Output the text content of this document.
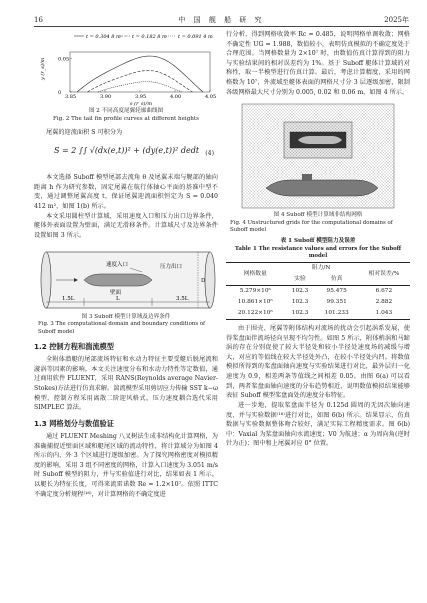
16	中 国 舰 船 研 究	2025年
t = 0.304 8 m t = 0.182 8 m t = 0.091 4 m
3.85	3.90	3.95	4.00	4.05
0.05
0
s (r_s)/m
y (r_s)/m
图 2 不同高度尾翼轮廓曲线图
Fig. 2 The tail fin profile curves at different heights

尾翼的迎流面积 S 可积分为

S = 2 ∫∫ √(dx(e,t))² + (dy(e,t))² dedt (4)

本文选择 Suboff 模型尾部去流角 θ 及尾翼末端与艉部的轴向距离 h 作为研究参数，固定尾翼在航行体轴心平面的基准中型不变，通过调整尾翼高度 t，保证尾翼迎流面积恒定为 S = 0.040 412 m²，如图 1(b) 所示。

本文采用圆柱型计算域，采用速度入口和压力出口边界条件，艇体外表面设置为壁面，满足无滑移条件。计算域尺寸及边界条件设置如图 3 所示。

1.5L	L	3.5L
D
速度入口	压力出口
壁面
图 3 Suboff 模型计算域及边界条件
Fig. 3 The computational domain and boundary conditions of Suboff model
1.2 控制方程和湍流模型

全附体潜艇的尾部流场特征和水动力特征主要受艇后脱尾流和漩涡等因素的影响。本文关注速度分布和水动力特性等定数值，通过商用软件 FLUENT，采用 RANS(Reynolds average Navier-Stokes)方法进行仿真求解。湍流模型采用剪切应力传输 SST k−ω模型，控制方程采用离散二阶迎风格式，压力速度耦合选代采用 SIMPLEC 算法。

1.3 网格划分与数值验证

通过 FLUENT Meshing 八叉树法生成非结构化计算网格，为准确捕捉近壁面区域和艇尾区域的流动特性，将计算域分为如图 4 所示的内、外 3 个区域进行逐级加密。为了探究网格密度对模拟精度的影响，采用 3 组不同密度的网格，计算入口速度为 3.051 m/s 时 Suboff 模型的阻力，并与实验值进行对比，结果如表 1 所示。以艇长为特征长度，可得来流雷诺数 Re = 1.2×10⁷。依照 ITTC 不确定度分析规程⁽¹⁶⁾，对计算网格的不确定度进

行分析，得到网格收敛率 Rc = 0.485，说明网格单调收敛；网格不确定性 UG = 1.988，数值较小，表明仿真模拟的不确定度处于合理范围。当网格数量为 2×10⁷ 时，由数值仿真计算得到的阻力与实验结果间的相对误差约为 1%。基于 Suboff 艇体计算域的对称性，取一半模型进行仿真计算。最后，考虑计算精度，采用的网格数为 10⁷，外流域至艇体表面的网格尺寸分 3 层逐级加密，限制各级网格最大尺寸分别为 0.005, 0.02 和 0.06 m，如图 4 所示。

图 4 Suboff 模型计算域非结构网格
Fig. 4 Unstructured grids for the computational domains of Suboff model
表 1 Suboff 模型阻力及误差
Table 1 The resistance values and errors for the Suboff model
网格数量	阻力/N		相对误差/%
	实验	仿真	
5.279×10⁶	102.3	95.475	6.672
10.861×10⁶	102.3	99.351	2.882
20.122×10⁶	102.3	101.233	1.043

由于围壳、尾翼等附体结构对流场的扰动会引起涡系发展，使得桨盘面伴流场径向呈现不均匀性。如图 5 所示，附体梢涡和马蹄涡的存在分别促使了较大半径处和较小半径处速度场的减缓与增大，对应的等值线在较大半径处外凸，在较小半径处内凹。将数值模拟所得到的桨盘面轴向速度与实验结果进行对比，最外层归一化速度为 0.9，相差两条等值线之间相差 0.05。由图 6(a) 可以看到，两者桨盘面轴向速度的分布趋势相近，说明数值模拟结果能够表征 Suboff 模型桨盘面处的速度分布特征。

进一步地，提取桨盘面半径为 0.125d 圆周的无因次轴向速度，并与实验数据⁽¹⁶⁾进行对比，如图 6(b) 所示。结果显示，仿真数据与实验数据整体吻合较好，满足实际工程精度需求。图 6(b) 中：Vaxial 为桨盘面轴向水流速度；V0 为航速；α 为周向角(逆时针为正)；图中和上尾翼对应 0° 位置。
